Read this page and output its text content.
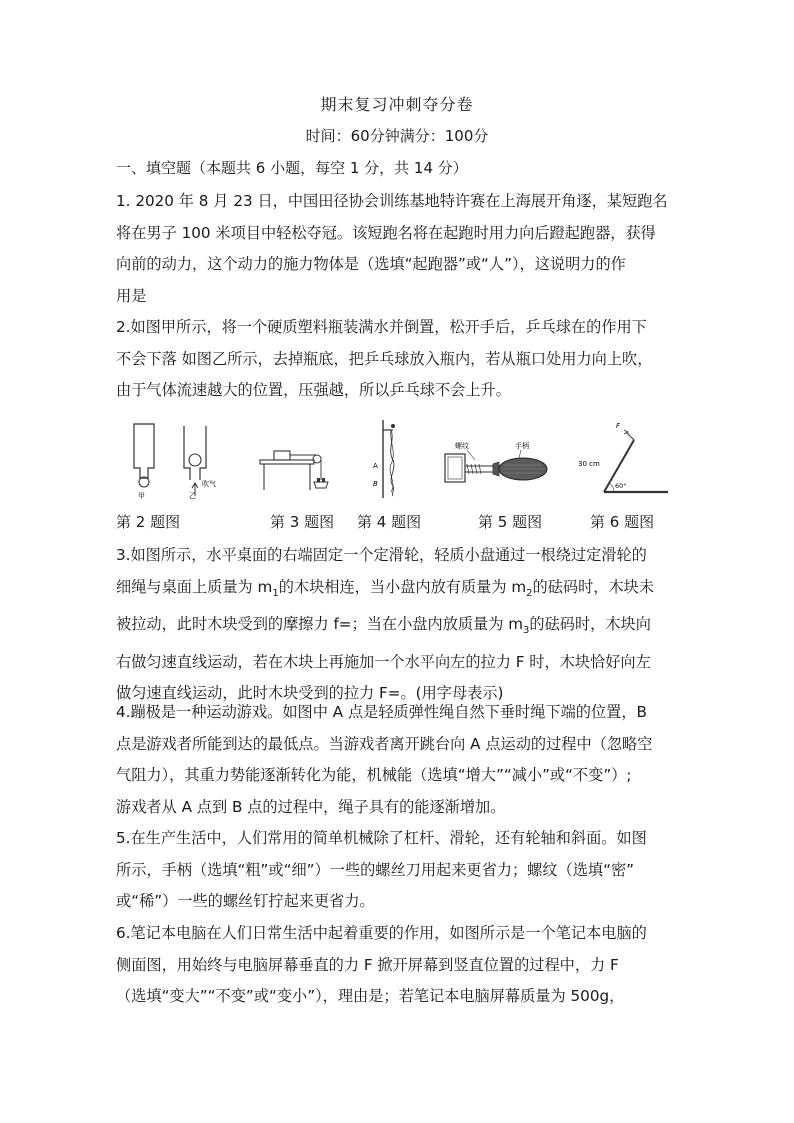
期末复习冲刺夺分卷
时间：60分钟满分：100分
一、填空题（本题共 6 小题，每空 1 分，共 14 分）

1. 2020 年 8 月 23 日，中国田径协会训练基地特许赛在上海展开角逐，某短跑名

将在男子 100 米项目中轻松夺冠。该短跑名将在起跑时用力向后蹬起跑器，获得

向前的动力，这个动力的施力物体是（选填“起跑器”或“人”），这说明力的作

用是

2.如图甲所示，将一个硬质塑料瓶装满水并倒置，松开手后，乒乓球在的作用下

不会下落 如图乙所示，去掉瓶底，把乒乓球放入瓶内，若从瓶口处用力向上吹，

由于气体流速越大的位置，压强越，所以乒乓球不会上升。

甲	乙
吹气
A
B
螺纹	手柄
F
30 cm
60°
第 2 题图	第 3 题图 第 4 题图	第 5 题图	第 6 题图

3.如图所示，水平桌面的右端固定一个定滑轮，轻质小盘通过一根绕过定滑轮的

细绳与桌面上质量为 $m_1$的木块相连，当小盘内放有质量为 $m_2$的砝码时，木块未

被拉动，此时木块受到的摩擦力 f=；当在小盘内放质量为 $m_3$的砝码时，木块向

右做匀速直线运动，若在木块上再施加一个水平向左的拉力 F 时，木块恰好向左

做匀速直线运动，此时木块受到的拉力 F=。(用字母表示)

4.蹦极是一种运动游戏。如图中 A 点是轻质弹性绳自然下垂时绳下端的位置，B

点是游戏者所能到达的最低点。当游戏者离开跳台向 A 点运动的过程中（忽略空

气阻力），其重力势能逐渐转化为能，机械能（选填“增大”“减小”或“不变”）;

游戏者从 A 点到 B 点的过程中，绳子具有的能逐渐增加。

5.在生产生活中，人们常用的简单机械除了杠杆、滑轮，还有轮轴和斜面。如图

所示，手柄（选填“粗”或“细”）一些的螺丝刀用起来更省力；螺纹（选填“密”

或“稀”）一些的螺丝钉拧起来更省力。

6.笔记本电脑在人们日常生活中起着重要的作用，如图所示是一个笔记本电脑的

侧面图，用始终与电脑屏幕垂直的力 F 掀开屏幕到竖直位置的过程中，力 F

（选填“变大”“不变”或“变小”），理由是；若笔记本电脑屏幕质量为 500g，
